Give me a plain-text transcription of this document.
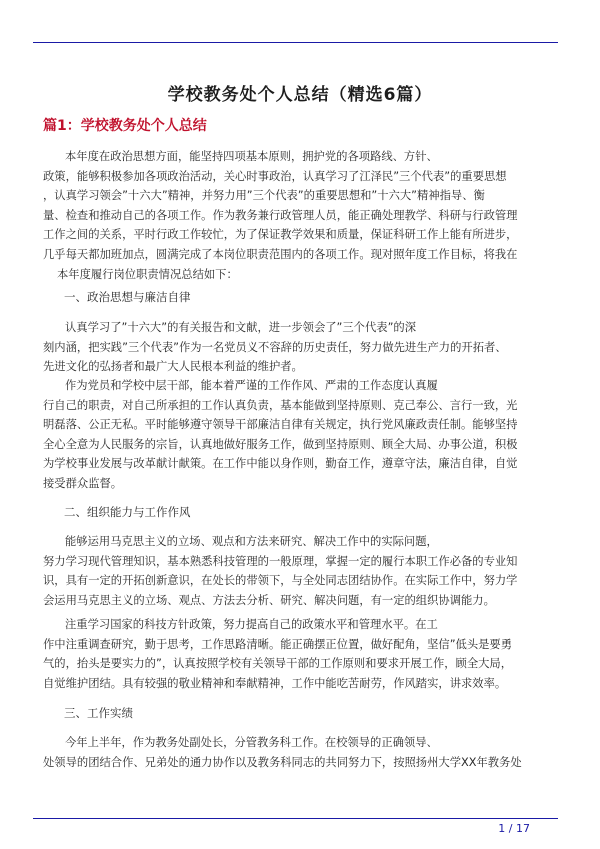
学校教务处个人总结（精选6篇）
篇1：学校教务处个人总结

本年度在政治思想方面，能坚持四项基本原则，拥护党的各项路线、方针、

政策，能够积极参加各项政治活动，关心时事政治，认真学习了江泽民”三个代表”的重要思想

，认真学习领会”十六大”精神，并努力用”三个代表”的重要思想和”十六大”精神指导、衡

量、检查和推动自己的各项工作。作为教务兼行政管理人员，能正确处理教学、科研与行政管理

工作之间的关系，平时行政工作较忙，为了保证教学效果和质量，保证科研工作上能有所进步，

几乎每天都加班加点，圆满完成了本岗位职责范围内的各项工作。现对照年度工作目标，将我在

本年度履行岗位职责情况总结如下：

一、政治思想与廉洁自律

认真学习了”十六大”的有关报告和文献，进一步领会了”三个代表”的深

刻内涵，把实践”三个代表”作为一名党员义不容辞的历史责任，努力做先进生产力的开拓者、

先进文化的弘扬者和最广大人民根本利益的维护者。

作为党员和学校中层干部，能本着严谨的工作作风、严肃的工作态度认真履

行自己的职责，对自己所承担的工作认真负责，基本能做到坚持原则、克己奉公、言行一致，光

明磊落、公正无私。平时能够遵守领导干部廉洁自律有关规定，执行党风廉政责任制。能够坚持

全心全意为人民服务的宗旨，认真地做好服务工作，做到坚持原则、顾全大局、办事公道，积极

为学校事业发展与改革献计献策。在工作中能以身作则，勤奋工作，遵章守法，廉洁自律，自觉

接受群众监督。

二、组织能力与工作作风

能够运用马克思主义的立场、观点和方法来研究、解决工作中的实际问题，

努力学习现代管理知识，基本熟悉科技管理的一般原理，掌握一定的履行本职工作必备的专业知

识，具有一定的开拓创新意识，在处长的带领下，与全处同志团结协作。在实际工作中，努力学

会运用马克思主义的立场、观点、方法去分析、研究、解决问题，有一定的组织协调能力。

注重学习国家的科技方针政策，努力提高自己的政策水平和管理水平。在工

作中注重调查研究，勤于思考，工作思路清晰。能正确摆正位置，做好配角，坚信”低头是要勇

气的，抬头是要实力的”，认真按照学校有关领导干部的工作原则和要求开展工作，顾全大局，

自觉维护团结。具有较强的敬业精神和奉献精神，工作中能吃苦耐劳，作风踏实，讲求效率。

三、工作实绩

今年上半年，作为教务处副处长，分管教务科工作。在校领导的正确领导、

处领导的团结合作、兄弟处的通力协作以及教务科同志的共同努力下，按照扬州大学XX年教务处

1 / 17
